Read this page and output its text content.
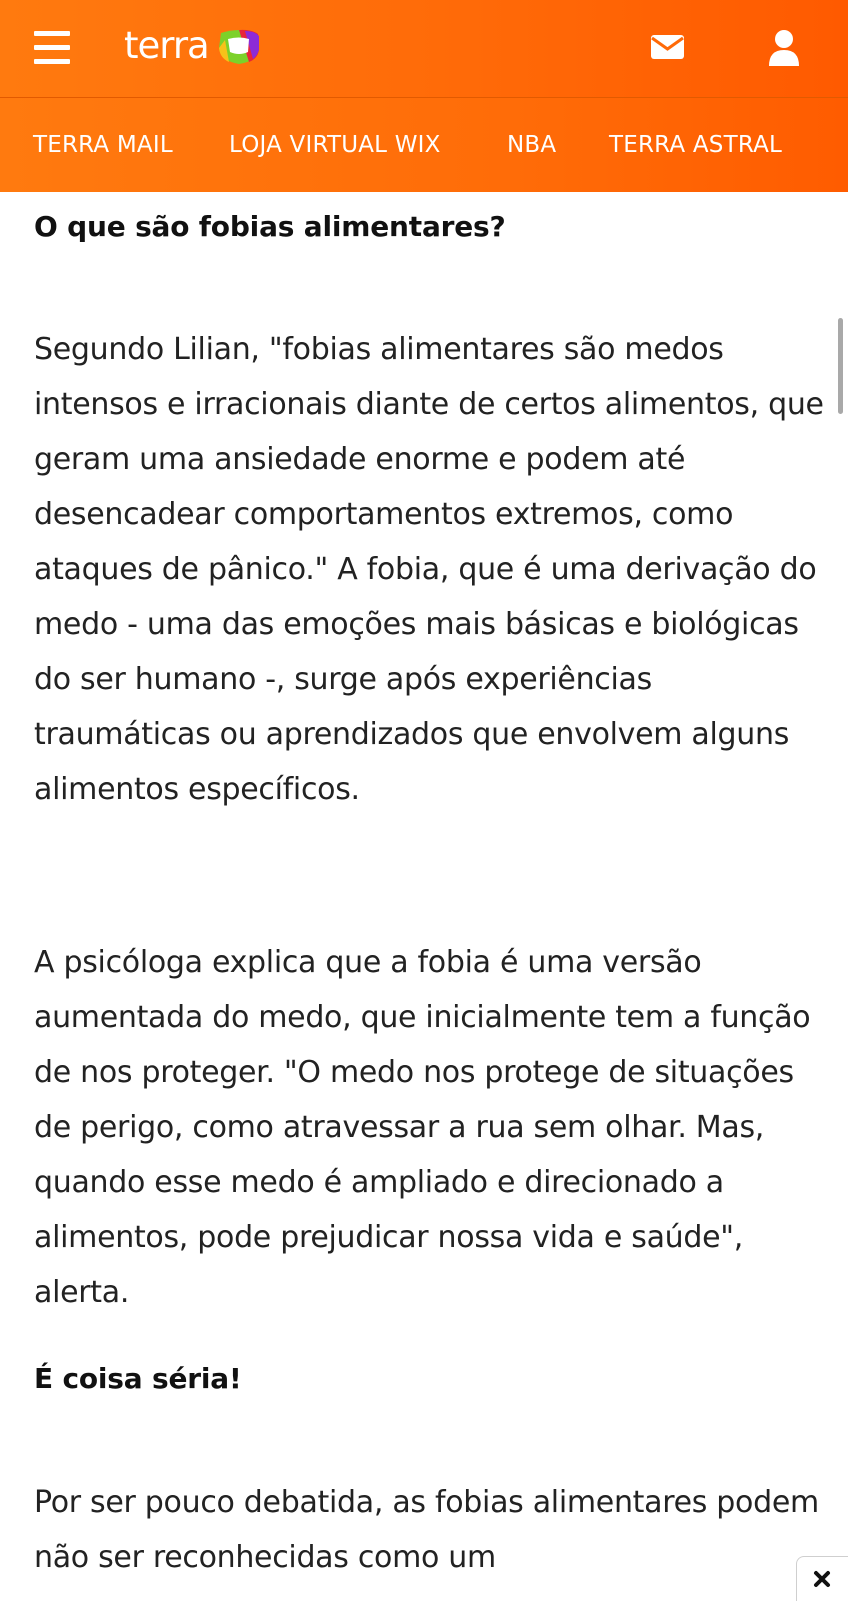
terra
TERRA MAIL LOJA VIRTUAL WIX	NBA TERRA ASTRAL
O que são fobias alimentares?

Segundo Lilian, "fobias alimentares são medos intensos e irracionais diante de certos alimentos, que geram uma ansiedade enorme e podem até desencadear comportamentos extremos, como ataques de pânico." A fobia, que é uma derivação do medo - uma das emoções mais básicas e biológicas do ser humano -, surge após experiências traumáticas ou aprendizados que envolvem alguns alimentos específicos.

A psicóloga explica que a fobia é uma versão aumentada do medo, que inicialmente tem a função de nos proteger. "O medo nos protege de situações de perigo, como atravessar a rua sem olhar. Mas, quando esse medo é ampliado e direcionado a alimentos, pode prejudicar nossa vida e saúde", alerta.

É coisa séria!

Por ser pouco debatida, as fobias alimentares podem não ser reconhecidas como um
